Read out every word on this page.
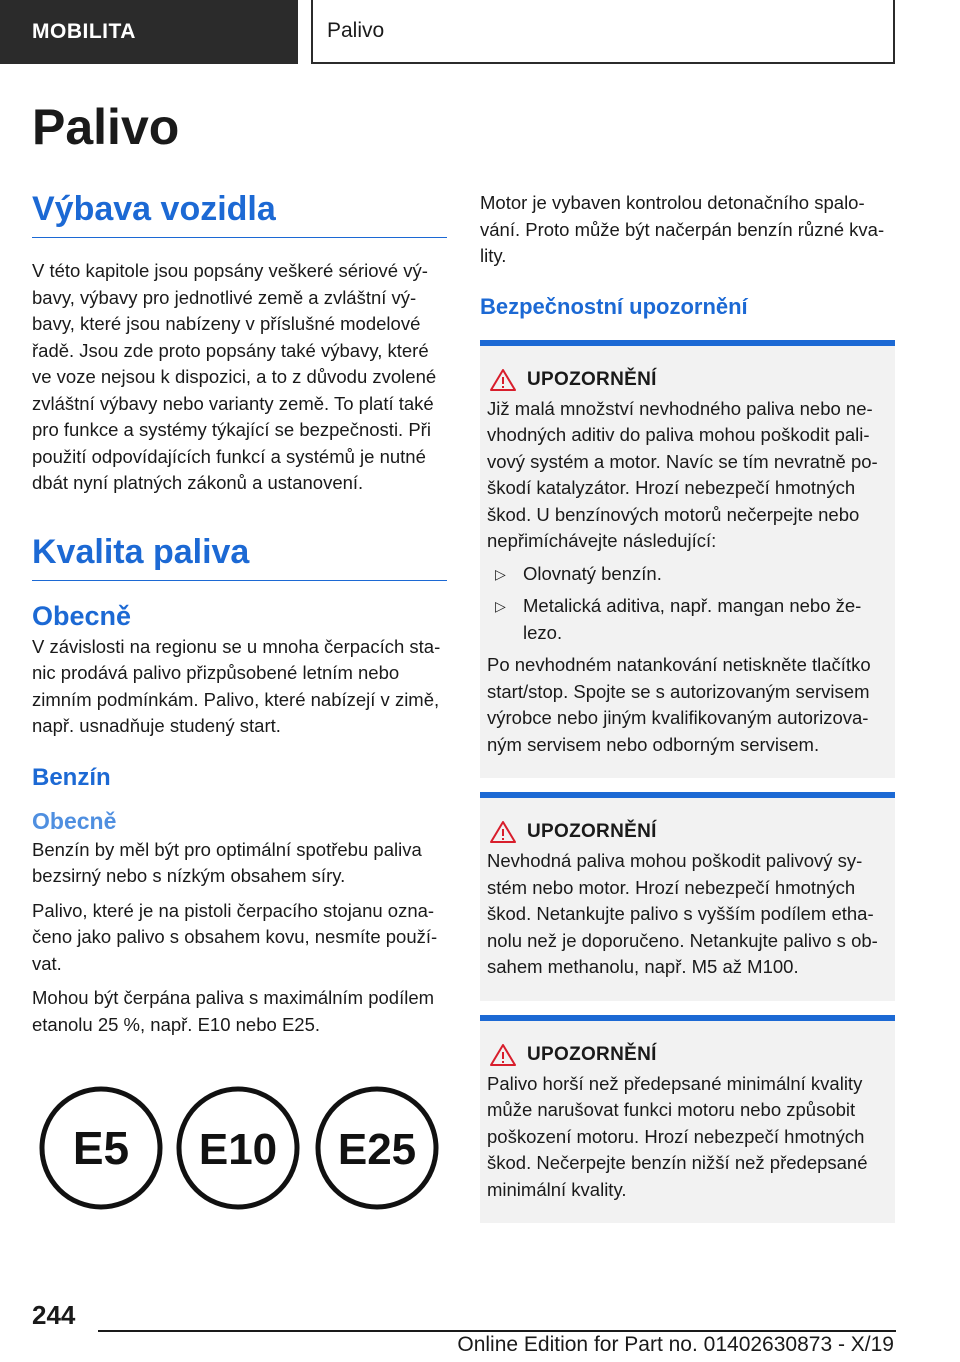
MOBILITA	Palivo
Palivo
Výbava vozidla

V této kapitole jsou popsány veškeré sériové vý-bavy, výbavy pro jednotlivé země a zvláštní vý-bavy, které jsou nabízeny v příslušné modelové řadě. Jsou zde proto popsány také výbavy, které ve voze nejsou k dispozici, a to z důvodu zvolené zvláštní výbavy nebo varianty země. To platí také pro funkce a systémy týkající se bezpečnosti. Při použití odpovídajících funkcí a systémů je nutné dbát nyní platných zákonů a ustanovení.

Kvalita paliva
Obecně

V závislosti na regionu se u mnoha čerpacích sta-nic prodává palivo přizpůsobené letním nebo zimním podmínkám. Palivo, které nabízejí v zimě, např. usnadňuje studený start.

Benzín
Obecně

Benzín by měl být pro optimální spotřebu paliva bezsirný nebo s nízkým obsahem síry.

Palivo, které je na pistoli čerpacího stojanu ozna-čeno jako palivo s obsahem kovu, nesmíte použí-vat.

Mohou být čerpána paliva s maximálním podílem etanolu 25 %, např. E10 nebo E25.

E5 E10 E25

Motor je vybaven kontrolou detonačního spalo-vání. Proto může být načerpán benzín různé kva-lity.

Bezpečnostní upozornění
UPOZORNĚNÍ

Již malá množství nevhodného paliva nebo ne-vhodných aditiv do paliva mohou poškodit pali-vový systém a motor. Navíc se tím nevratně po-škodí katalyzátor. Hrozí nebezpečí hmotných škod. U benzínových motorů nečerpejte nebo nepřimíchávejte následující:

▷ Olovnatý benzín.
▷ Metalická aditiva, např. mangan nebo že-lezo.

Po nevhodném natankování netiskněte tlačítko start/stop. Spojte se s autorizovaným servisem výrobce nebo jiným kvalifikovaným autorizova-ným servisem nebo odborným servisem.

UPOZORNĚNÍ

Nevhodná paliva mohou poškodit palivový sy-stém nebo motor. Hrozí nebezpečí hmotných škod. Netankujte palivo s vyšším podílem etha-nolu než je doporučeno. Netankujte palivo s ob-sahem methanolu, např. M5 až M100.

UPOZORNĚNÍ

Palivo horší než předepsané minimální kvality může narušovat funkci motoru nebo způsobit poškození motoru. Hrozí nebezpečí hmotných škod. Nečerpejte benzín nižší než předepsané minimální kvality.

244
Online Edition for Part no. 01402630873 - X/19
